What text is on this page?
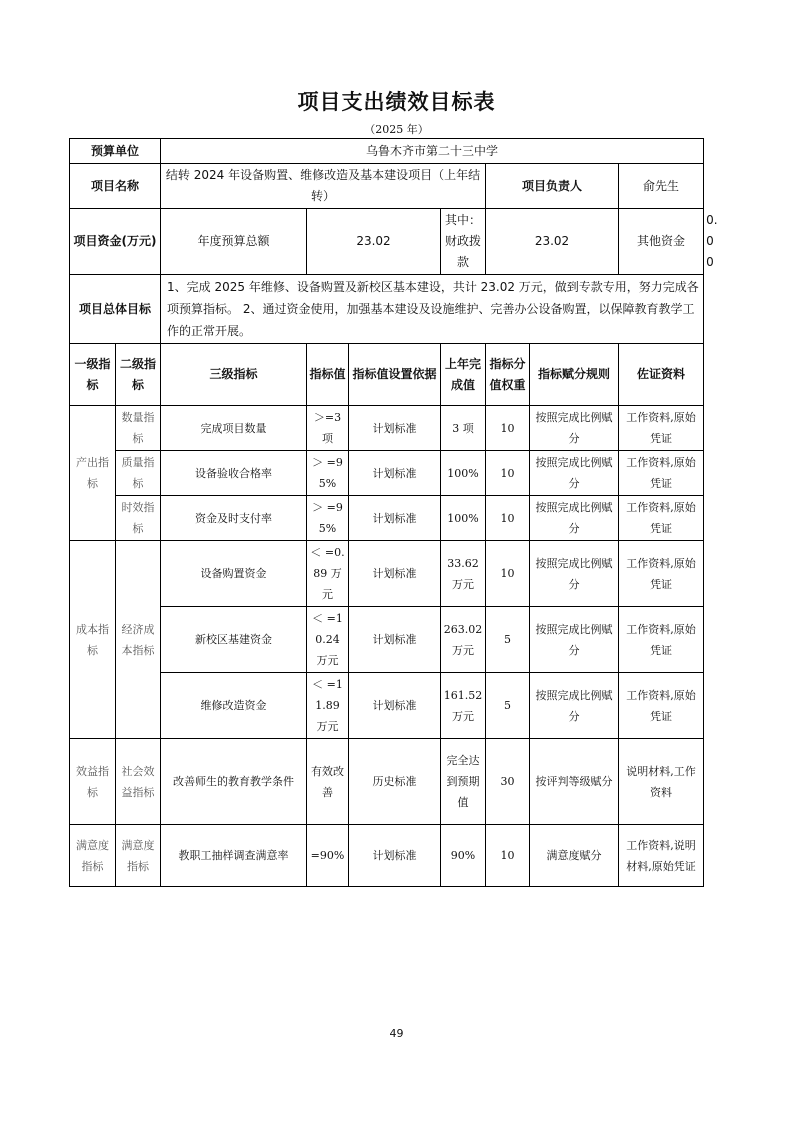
项目支出绩效目标表
（2025 年）
预算单位		乌鲁木齐市第二十三中学							
项目名称		结转 2024 年设备购置、维修改造及基本建设项目（上年结转）				项目负责人		俞先生	
项目资金(万元)		年度预算总额	23.02		其中：财政拨款	23.02		其他资金	0.00
项目总体目标		1、完成 2025 年维修、设备购置及新校区基本建设，共计 23.02 万元，做到专款专用，努力完成各项预算指标。 2、通过资金使用，加强基本建设及设施维护、完善办公设备购置，以保障教育教学工作的正常开展。							
一级指标	二级指标	三级指标	指标值	指标值设置依据	上年完成值	指标分值权重	指标赋分规则	佐证资料	
产出指标	数量指标	完成项目数量	＞=3 项	计划标准	3 项	10	按照完成比例赋分	工作资料,原始凭证	
	质量指标	设备验收合格率	＞ =95%	计划标准	100%	10	按照完成比例赋分	工作资料,原始凭证	
	时效指标	资金及时支付率	＞ =95%	计划标准	100%	10	按照完成比例赋分	工作资料,原始凭证	
成本指标	经济成本指标	设备购置资金	＜ =0.89 万元	计划标准	33.62 万元	10	按照完成比例赋分	工作资料,原始凭证	
		新校区基建资金	＜ =10.24 万元	计划标准	263.02 万元	5	按照完成比例赋分	工作资料,原始凭证	
		维修改造资金	＜ =11.89 万元	计划标准	161.52 万元	5	按照完成比例赋分	工作资料,原始凭证	
效益指标	社会效益指标	改善师生的教育教学条件	有效改善	历史标准	完全达到预期值	30	按评判等级赋分	说明材料,工作资料	
满意度指标	满意度指标	教职工抽样调查满意率	=90%	计划标准	90%	10	满意度赋分	工作资料,说明材料,原始凭证	
49
